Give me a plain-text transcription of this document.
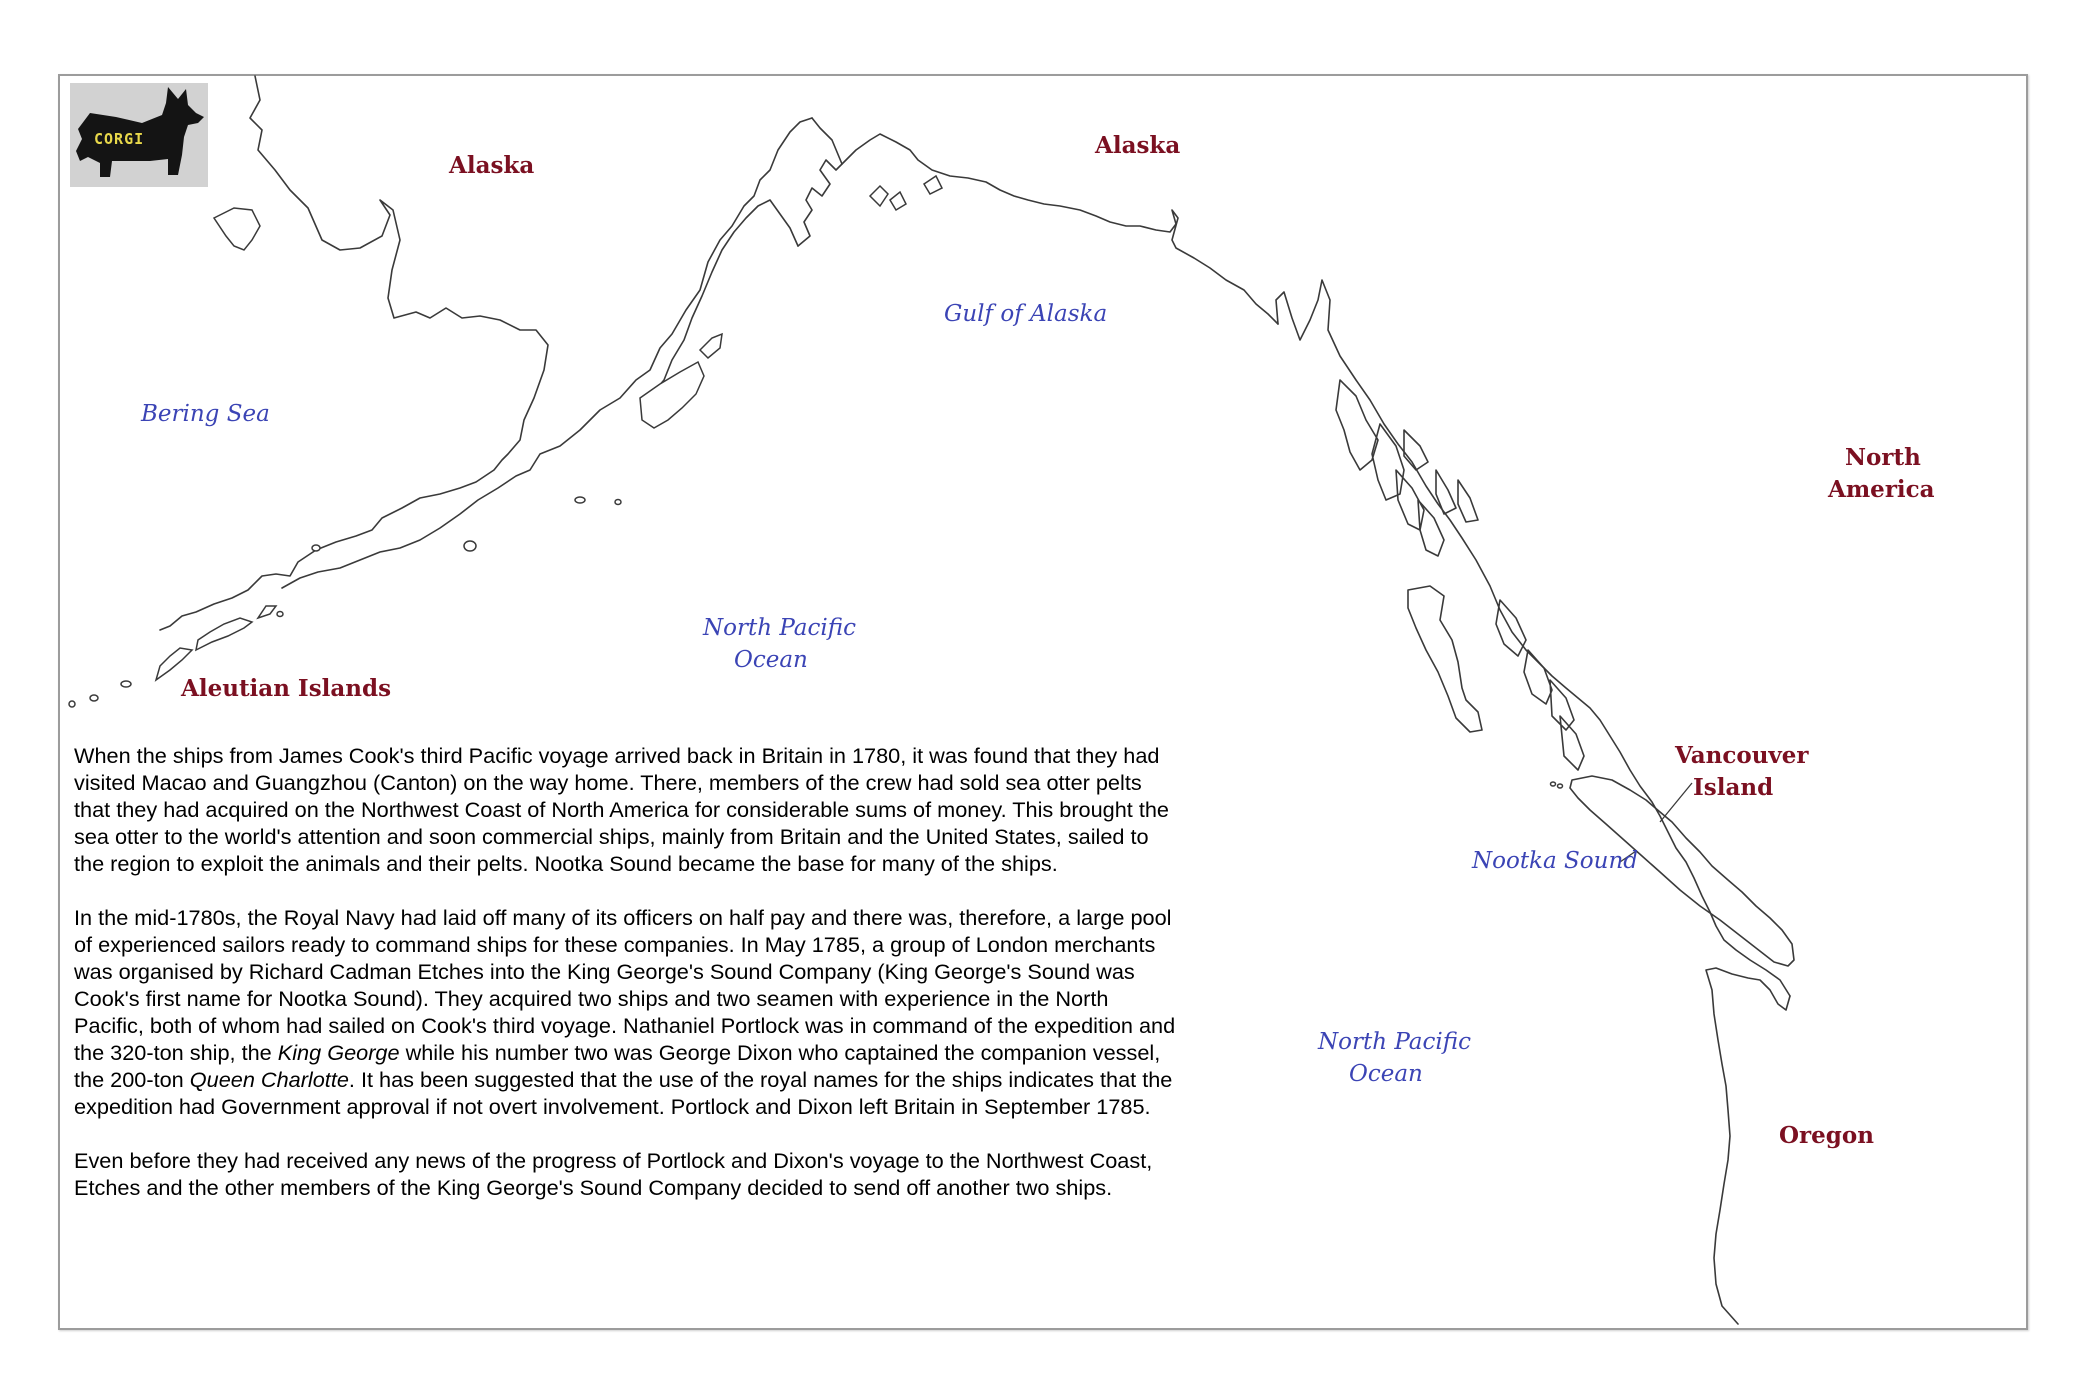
CORGI
Alaska
Alaska
North
America
Aleutian Islands
Vancouver
Island
Oregon
Bering Sea
Gulf of Alaska
North Pacific
Ocean
North Pacific
Ocean
Nootka Sound

When the ships from James Cook's third Pacific voyage arrived back in Britain in 1780, it was found that they had visited Macao and Guangzhou (Canton) on the way home. There, members of the crew had sold sea otter pelts that they had acquired on the Northwest Coast of North America for considerable sums of money. This brought the sea otter to the world's attention and soon commercial ships, mainly from Britain and the United States, sailed to the region to exploit the animals and their pelts. Nootka Sound became the base for many of the ships.

In the mid-1780s, the Royal Navy had laid off many of its officers on half pay and there was, therefore, a large pool of experienced sailors ready to command ships for these companies. In May 1785, a group of London merchants was organised by Richard Cadman Etches into the King George's Sound Company (King George's Sound was Cook's first name for Nootka Sound). They acquired two ships and two seamen with experience in the North Pacific, both of whom had sailed on Cook's third voyage. Nathaniel Portlock was in command of the expedition and the 320-ton ship, the King George while his number two was George Dixon who captained the companion vessel, the 200-ton Queen Charlotte. It has been suggested that the use of the royal names for the ships indicates that the expedition had Government approval if not overt involvement. Portlock and Dixon left Britain in September 1785.

Even before they had received any news of the progress of Portlock and Dixon's voyage to the Northwest Coast, Etches and the other members of the King George's Sound Company decided to send off another two ships.
